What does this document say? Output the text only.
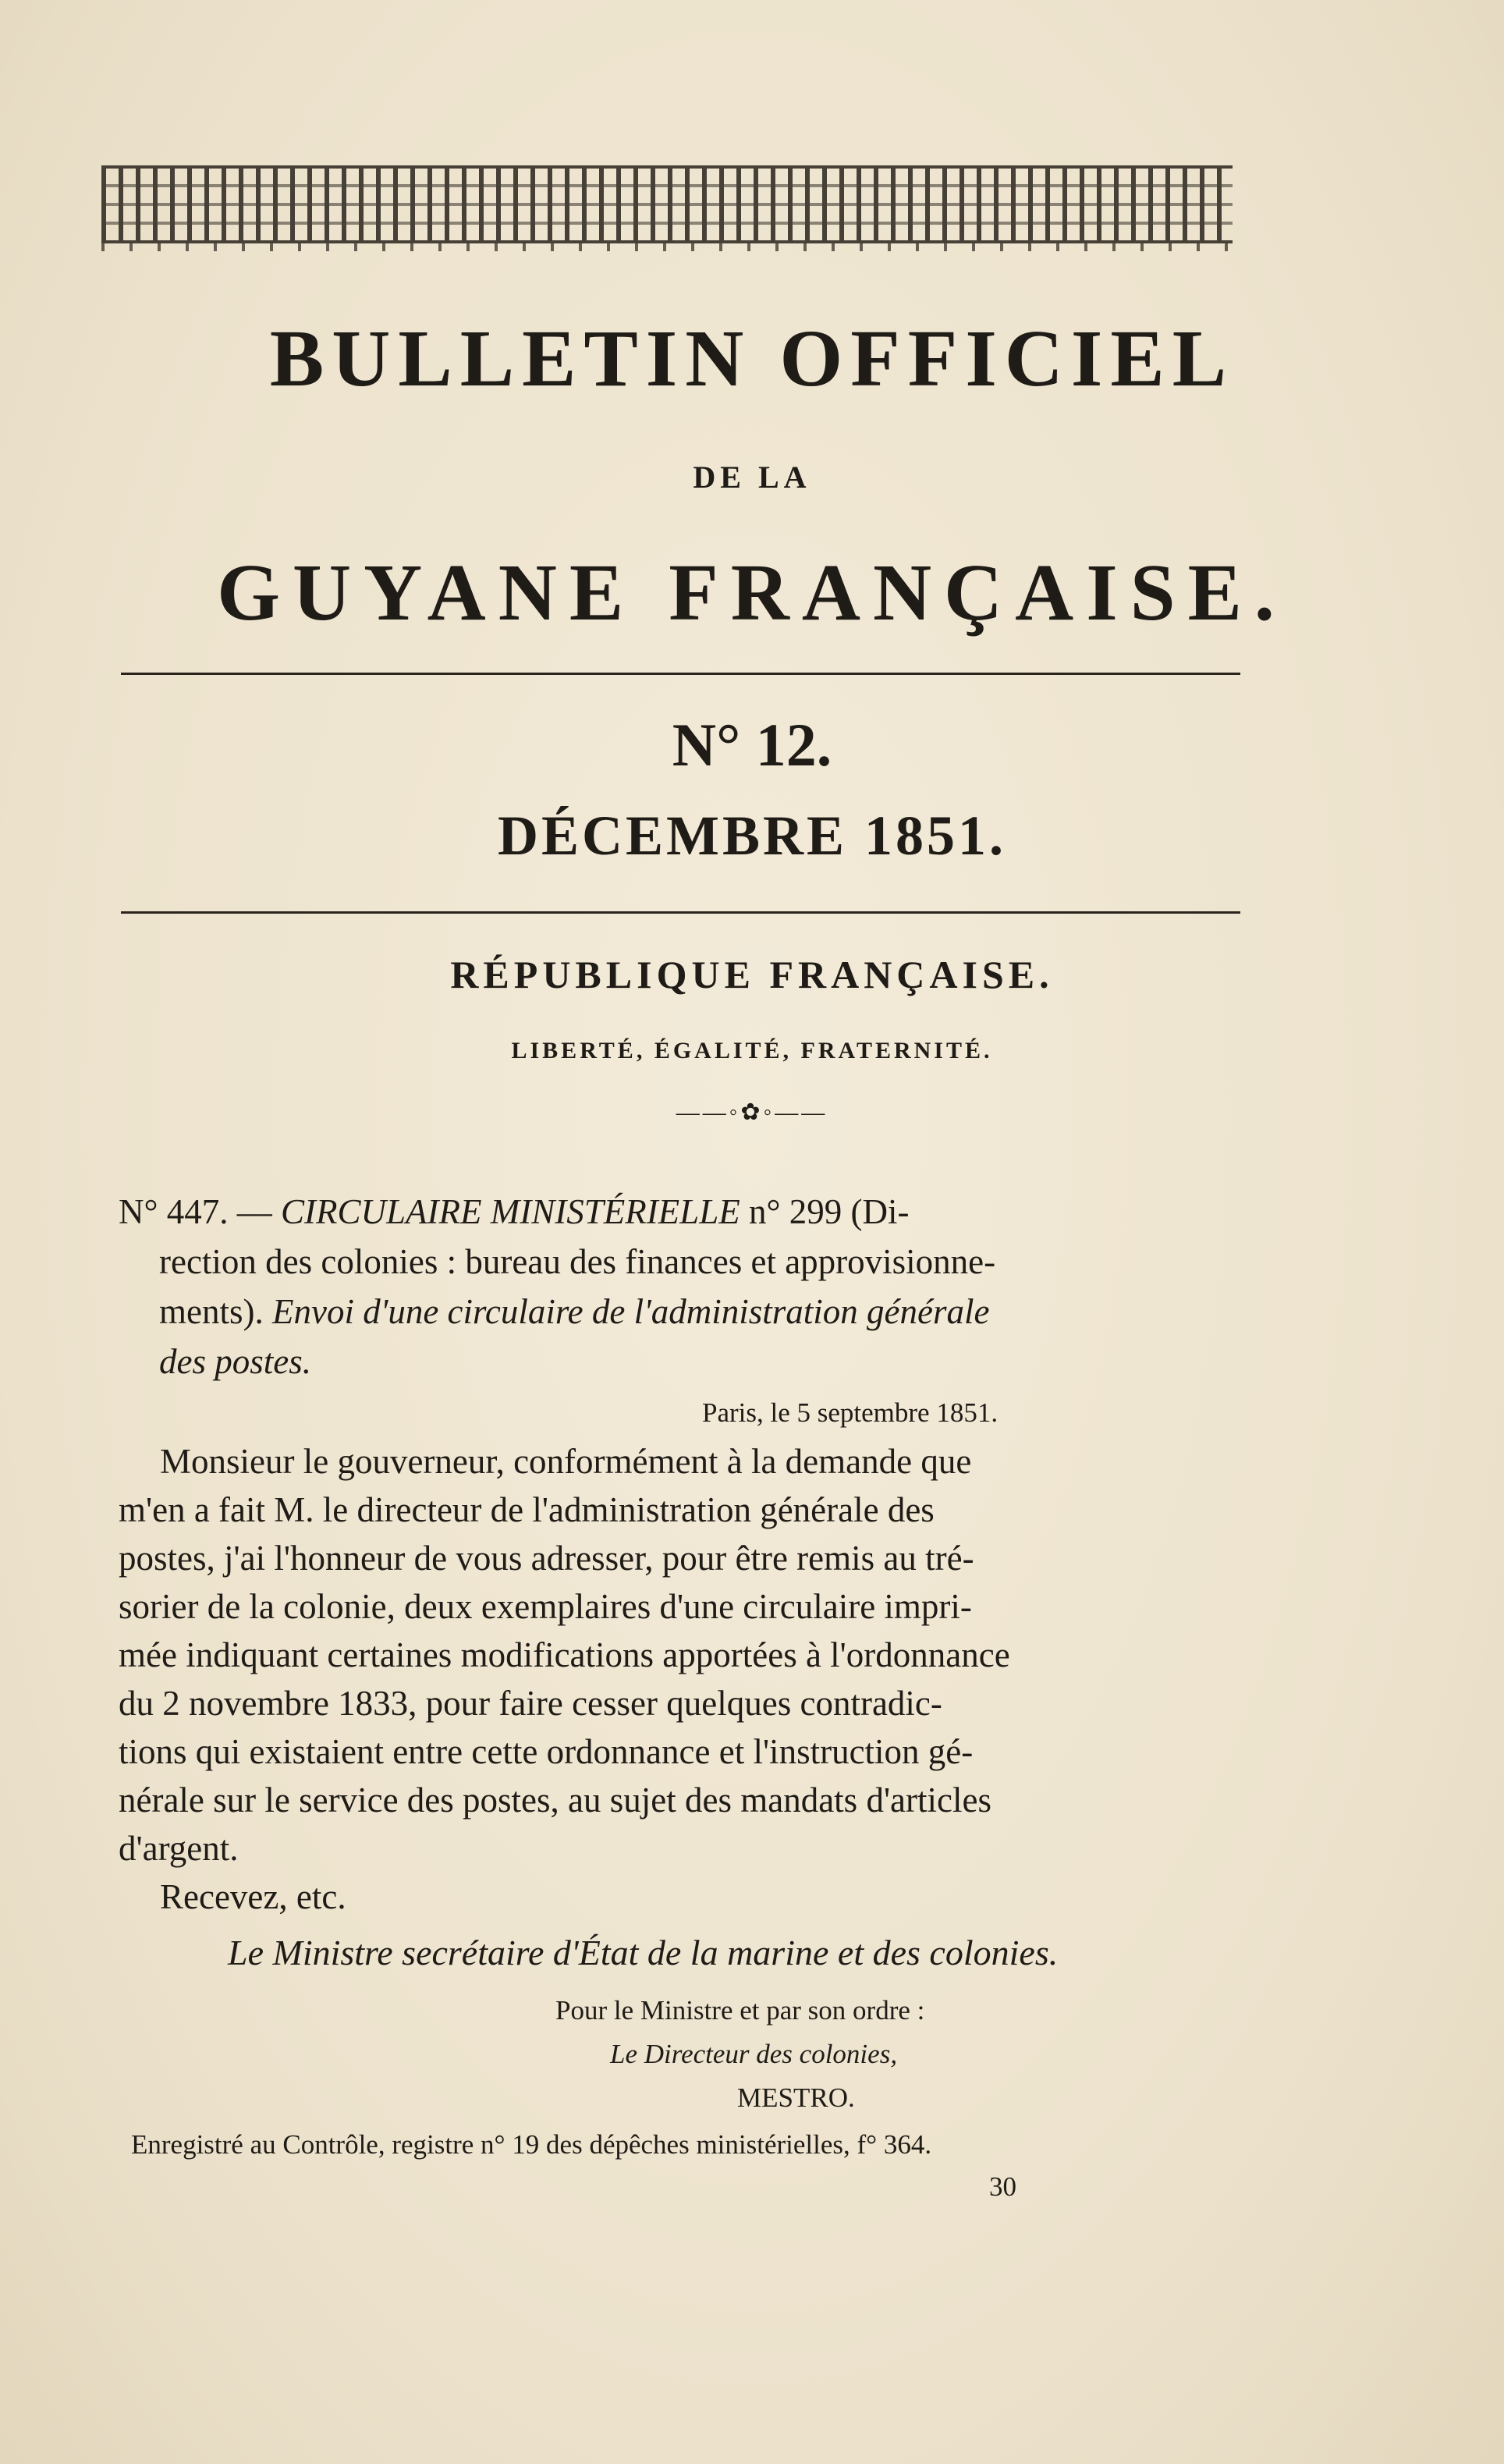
BULLETIN OFFICIEL
DE LA
GUYANE FRANÇAISE.
N° 12.
DÉCEMBRE 1851.
RÉPUBLIQUE FRANÇAISE.
LIBERTÉ, ÉGALITÉ, FRATERNITÉ.
——◦✿◦——
N° 447. — CIRCULAIRE MINISTÉRIELLE n° 299 (Di-
rection des colonies : bureau des finances et approvisionne-
ments). Envoi d'une circulaire de l'administration générale
des postes.
Paris, le 5 septembre 1851.
Monsieur le gouverneur, conformément à la demande que
m'en a fait M. le directeur de l'administration générale des
postes, j'ai l'honneur de vous adresser, pour être remis au tré-
sorier de la colonie, deux exemplaires d'une circulaire impri-
mée indiquant certaines modifications apportées à l'ordonnance
du 2 novembre 1833, pour faire cesser quelques contradic-
tions qui existaient entre cette ordonnance et l'instruction gé-
nérale sur le service des postes, au sujet des mandats d'articles
d'argent.
Recevez, etc.
Le Ministre secrétaire d'État de la marine et des colonies.
Pour le Ministre et par son ordre :
Le Directeur des colonies,
MESTRO.
Enregistré au Contrôle, registre n° 19 des dépêches ministérielles, f° 364.
30
